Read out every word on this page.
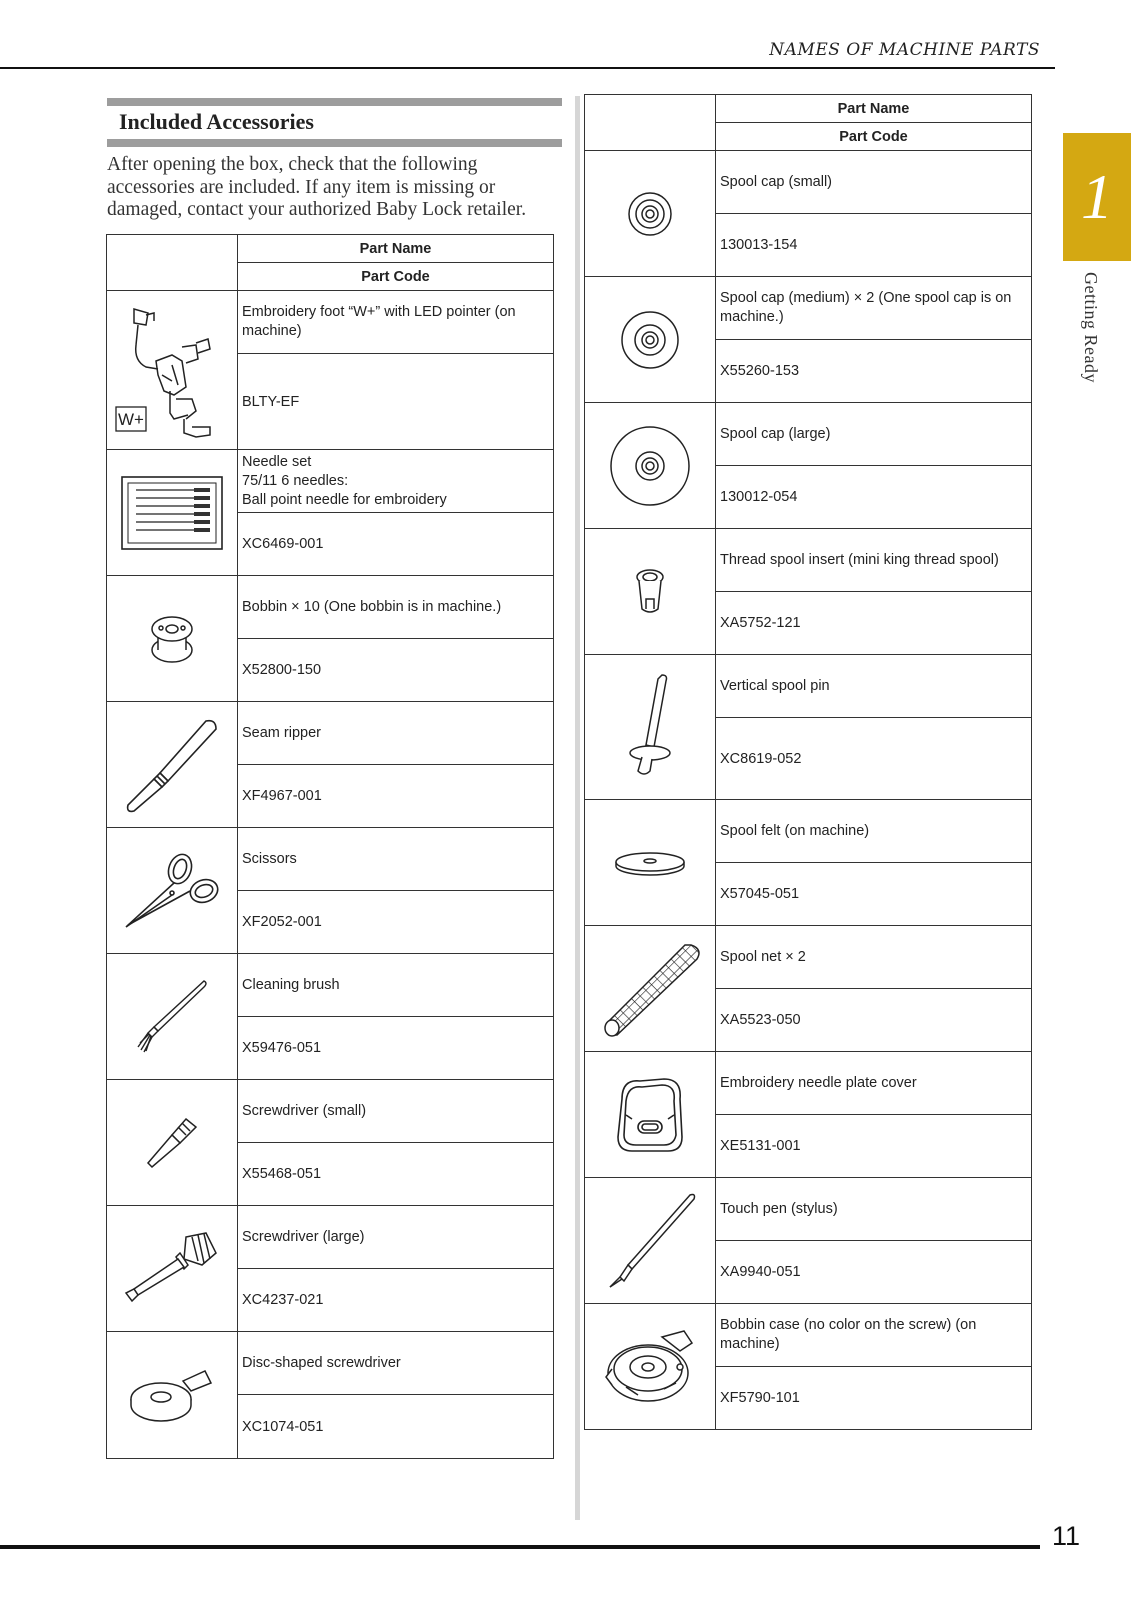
NAMES OF MACHINE PARTS
Included Accessories
After opening the box, check that the following accessories are included. If any item is missing or damaged, contact your authorized Baby Lock retailer.
	Part Name
	Part Code

W+	Embroidery foot “W+” with LED pointer (on machine)
	BLTY-EF

	Needle set
75/11 6 needles:
Ball point needle for embroidery
	XC6469-001

	Bobbin × 10 (One bobbin is in machine.)
	X52800-150

	Seam ripper
	XF4967-001

	Scissors
	XF2052-001

	Cleaning brush
	X59476-051

	Screwdriver (small)
	X55468-051

	Screwdriver (large)
	XC4237-021

	Disc-shaped screwdriver
	XC1074-051
	Part Name
	Part Code

	Spool cap (small)
	130013-154

	Spool cap (medium) × 2 (One spool cap is on machine.)
	X55260-153

	Spool cap (large)
	130012-054

	Thread spool insert (mini king thread spool)
	XA5752-121

	Vertical spool pin
	XC8619-052

	Spool felt (on machine)
	X57045-051

	Spool net × 2
	XA5523-050

	Embroidery needle plate cover
	XE5131-001

	Touch pen (stylus)
	XA9940-051

	Bobbin case (no color on the screw) (on machine)
	XF5790-101
1
Getting Ready
11
